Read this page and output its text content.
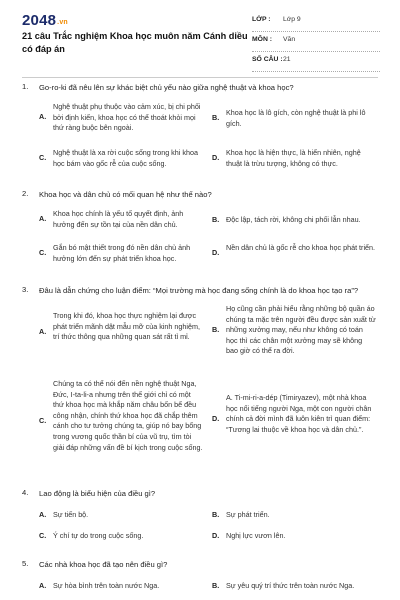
2048.vn
21 câu Trắc nghiệm Khoa học muôn năm Cánh diều có đáp án
LỚP : Lớp 9
MÔN : Văn
SỐ CÂU : 21
1. Go-ro-ki đã nêu lên sự khác biệt chủ yếu nào giữa nghệ thuật và khoa học?
A.
Nghệ thuật phụ thuộc vào cảm xúc, bị chi phối bởi định kiến, khoa học có thể thoát khỏi mọi thứ ràng buộc bên ngoài.
B.
Khoa học là lô gích, còn nghệ thuật là phi lô gích.
C.
Nghệ thuật là xa rời cuộc sống trong khi khoa học bám vào gốc rễ của cuộc sống.
D.
Khoa học là hiện thực, là hiển nhiên, nghệ thuật là trừu tượng, không có thực.
2. Khoa học và dân chủ có mối quan hệ như thế nào?
A.
Khoa học chính là yếu tố quyết định, ảnh hưởng đến sự tồn tại của nền dân chủ.
B. Độc lập, tách rời, không chi phối lẫn nhau.
C.
Gắn bó mật thiết trong đó nền dân chủ ảnh hưởng lớn đến sự phát triển khoa học.
D.
Nền dân chủ là gốc rễ cho khoa học phát triển.
3. Đâu là dẫn chứng cho luận điểm: “Mọi trường mà học đang sống chính là do khoa học tạo ra”?
A.
Trong khi đó, khoa học thực nghiệm lại được phát triển mãnh dật mẫu mỡ của kinh nghiệm, trí thức thông qua những quan sát rất tỉ mỉ.
B.
Họ cũng cần phải hiểu rằng những bộ quần áo chúng ta mặc trên người đều được sản xuất từ những xưởng may, nếu như không có toán học thì các chân một xưởng may sẽ không bao giờ có thể ra đời.
C.
Chúng ta có thể nói đến nền nghệ thuật Nga, Đức, I-ta-li-a nhưng trên thế giới chỉ có một thứ khoa học mà khắp năm châu bốn bể đều công nhận, chính thứ khoa học đã chắp thêm cánh cho tư tưởng chúng ta, giúp nó bay bổng trong vương quốc thần bí của vũ trụ, tìm tòi giải đáp những vấn đề bí kịch trong cuộc sống.
D.
A. Ti-mi-ri-a-dép (Timiryazev), một nhà khoa học nổi tiếng người Nga, một con người chân chính cả đời mình đã luôn kiên trì quan điểm: “Tương lai thuộc về khoa học và dân chủ.”.
4. Lao động là biểu hiện của điều gì?
A. Sự tiến bộ.	B. Sự phát triển.
C. Ý chí tự do trong cuộc sống.	D. Nghị lực vươn lên.
5. Các nhà khoa học đã tạo nên điều gì?
A. Sự hòa bình trên toàn nước Nga.	B. Sự yêu quý trí thức trên toàn nước Nga.
